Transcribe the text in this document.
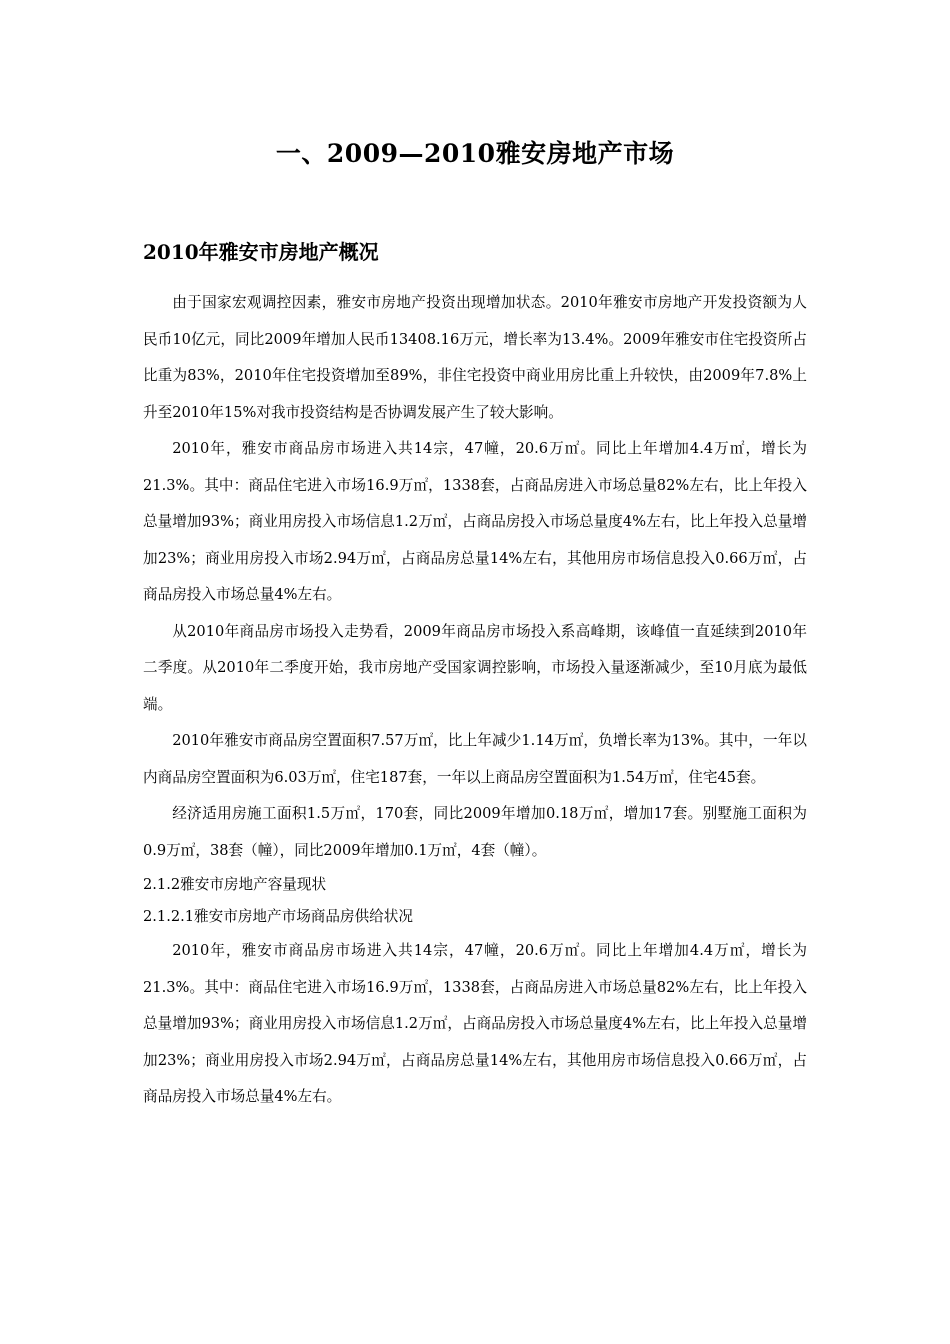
一、2009—2010雅安房地产市场
2010年雅安市房地产概况

由于国家宏观调控因素，雅安市房地产投资出现增加状态。2010年雅安市房地产开发投资额为人民币10亿元，同比2009年增加人民币13408.16万元，增长率为13.4%。2009年雅安市住宅投资所占比重为83%，2010年住宅投资增加至89%，非住宅投资中商业用房比重上升较快，由2009年7.8%上升至2010年15%对我市投资结构是否协调发展产生了较大影响。

2010年，雅安市商品房市场进入共14宗，47幢，20.6万㎡。同比上年增加4.4万㎡，增长为21.3%。其中：商品住宅进入市场16.9万㎡，1338套，占商品房进入市场总量82%左右，比上年投入总量增加93%；商业用房投入市场信息1.2万㎡，占商品房投入市场总量度4%左右，比上年投入总量增加23%；商业用房投入市场2.94万㎡，占商品房总量14%左右，其他用房市场信息投入0.66万㎡，占商品房投入市场总量4%左右。

从2010年商品房市场投入走势看，2009年商品房市场投入系高峰期，该峰值一直延续到2010年二季度。从2010年二季度开始，我市房地产受国家调控影响，市场投入量逐渐减少，至10月底为最低端。

2010年雅安市商品房空置面积7.57万㎡，比上年减少1.14万㎡，负增长率为13%。其中，一年以内商品房空置面积为6.03万㎡，住宅187套，一年以上商品房空置面积为1.54万㎡，住宅45套。

经济适用房施工面积1.5万㎡，170套，同比2009年增加0.18万㎡，增加17套。别墅施工面积为0.9万㎡，38套（幢），同比2009年增加0.1万㎡，4套（幢）。

2.1.2雅安市房地产容量现状

2.1.2.1雅安市房地产市场商品房供给状况

2010年，雅安市商品房市场进入共14宗，47幢，20.6万㎡。同比上年增加4.4万㎡，增长为21.3%。其中：商品住宅进入市场16.9万㎡，1338套，占商品房进入市场总量82%左右，比上年投入总量增加93%；商业用房投入市场信息1.2万㎡，占商品房投入市场总量度4%左右，比上年投入总量增加23%；商业用房投入市场2.94万㎡，占商品房总量14%左右，其他用房市场信息投入0.66万㎡，占商品房投入市场总量4%左右。
